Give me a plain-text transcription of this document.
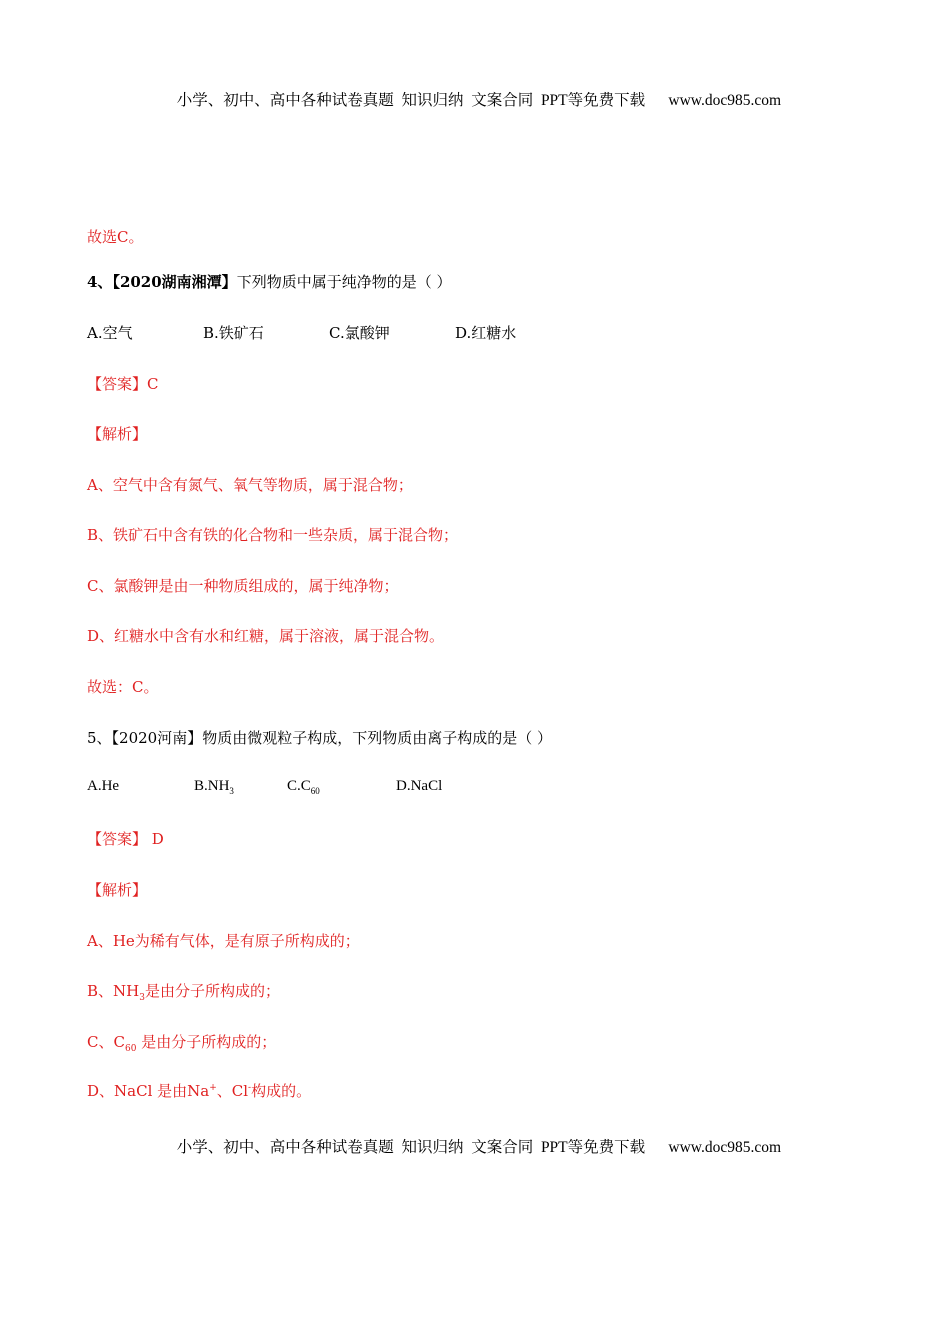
小学、初中、高中各种试卷真题  知识归纳  文案合同  PPT等免费下载 www.doc985.com

故选C。
4、【2020湖南湘潭】下列物质中属于纯净物的是（ ）
A.空气	B.铁矿石	C.氯酸钾	D.红糖水
【答案】C
【解析】
A、空气中含有氮气、氧气等物质，属于混合物；
B、铁矿石中含有铁的化合物和一些杂质，属于混合物；
C、氯酸钾是由一种物质组成的，属于纯净物；
D、红糖水中含有水和红糖，属于溶液，属于混合物。
故选：C。
5、【2020河南】物质由微观粒子构成，下列物质由离子构成的是（ ）
A.He	$B.NH_3$	$C.C_{60}$	D.NaCl
【答案】 D
【解析】
A、He为稀有气体，是有原子所构成的；
B、$NH_3$是由分子所构成的；
C、$C_{60}$ 是由分子所构成的；
D、NaCl 是由Na+、Cl-构成的。

小学、初中、高中各种试卷真题  知识归纳  文案合同  PPT等免费下载 www.doc985.com
